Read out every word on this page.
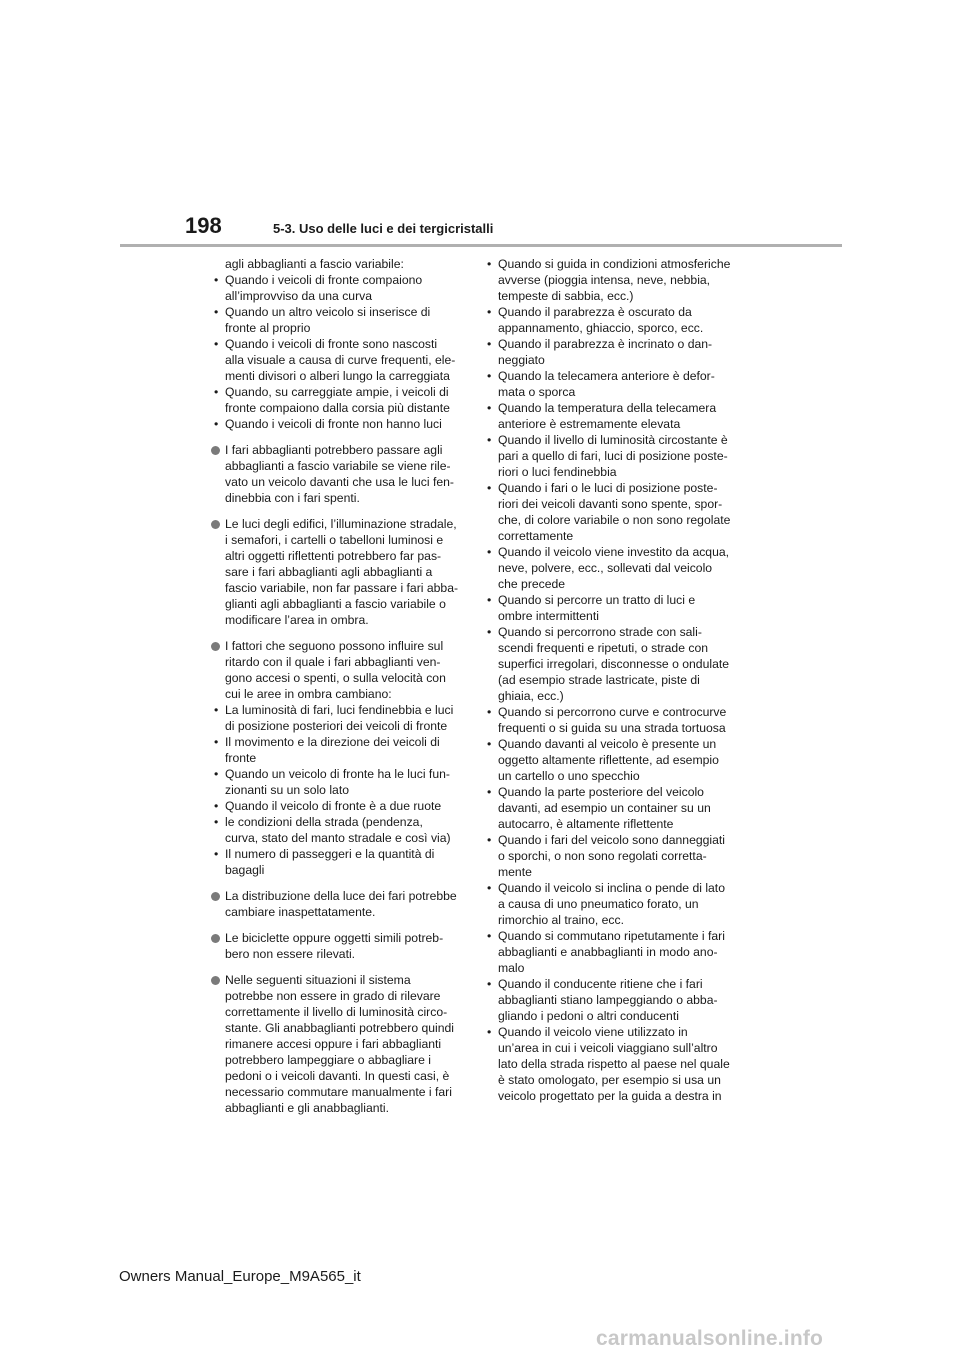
198	5-3. Uso delle luci e dei tergicristalli
agli abbaglianti a fascio variabile:
• Quando i veicoli di fronte compaiono
all’improvviso da una curva
• Quando un altro veicolo si inserisce di
fronte al proprio
• Quando i veicoli di fronte sono nascosti
alla visuale a causa di curve frequenti, ele-
menti divisori o alberi lungo la carreggiata
• Quando, su carreggiate ampie, i veicoli di
fronte compaiono dalla corsia più distante
• Quando i veicoli di fronte non hanno luci
I fari abbaglianti potrebbero passare agli
abbaglianti a fascio variabile se viene rile-
vato un veicolo davanti che usa le luci fen-
dinebbia con i fari spenti.
Le luci degli edifici, l’illuminazione stradale,
i semafori, i cartelli o tabelloni luminosi e
altri oggetti riflettenti potrebbero far pas-
sare i fari abbaglianti agli abbaglianti a
fascio variabile, non far passare i fari abba-
glianti agli abbaglianti a fascio variabile o
modificare l’area in ombra.
I fattori che seguono possono influire sul
ritardo con il quale i fari abbaglianti ven-
gono accesi o spenti, o sulla velocità con
cui le aree in ombra cambiano:
• La luminosità di fari, luci fendinebbia e luci
di posizione posteriori dei veicoli di fronte
• Il movimento e la direzione dei veicoli di
fronte
• Quando un veicolo di fronte ha le luci fun-
zionanti su un solo lato
• Quando il veicolo di fronte è a due ruote
• le condizioni della strada (pendenza,
curva, stato del manto stradale e così via)
• Il numero di passeggeri e la quantità di
bagagli
La distribuzione della luce dei fari potrebbe
cambiare inaspettatamente.
Le biciclette oppure oggetti simili potreb-
bero non essere rilevati.
Nelle seguenti situazioni il sistema
potrebbe non essere in grado di rilevare
correttamente il livello di luminosità circo-
stante. Gli anabbaglianti potrebbero quindi
rimanere accesi oppure i fari abbaglianti
potrebbero lampeggiare o abbagliare i
pedoni o i veicoli davanti. In questi casi, è
necessario commutare manualmente i fari
abbaglianti e gli anabbaglianti.
• Quando si guida in condizioni atmosferiche
avverse (pioggia intensa, neve, nebbia,
tempeste di sabbia, ecc.)
• Quando il parabrezza è oscurato da
appannamento, ghiaccio, sporco, ecc.
• Quando il parabrezza è incrinato o dan-
neggiato
• Quando la telecamera anteriore è defor-
mata o sporca
• Quando la temperatura della telecamera
anteriore è estremamente elevata
• Quando il livello di luminosità circostante è
pari a quello di fari, luci di posizione poste-
riori o luci fendinebbia
• Quando i fari o le luci di posizione poste-
riori dei veicoli davanti sono spente, spor-
che, di colore variabile o non sono regolate
correttamente
• Quando il veicolo viene investito da acqua,
neve, polvere, ecc., sollevati dal veicolo
che precede
• Quando si percorre un tratto di luci e
ombre intermittenti
• Quando si percorrono strade con sali-
scendi frequenti e ripetuti, o strade con
superfici irregolari, disconnesse o ondulate
(ad esempio strade lastricate, piste di
ghiaia, ecc.)
• Quando si percorrono curve e controcurve
frequenti o si guida su una strada tortuosa
• Quando davanti al veicolo è presente un
oggetto altamente riflettente, ad esempio
un cartello o uno specchio
• Quando la parte posteriore del veicolo
davanti, ad esempio un container su un
autocarro, è altamente riflettente
• Quando i fari del veicolo sono danneggiati
o sporchi, o non sono regolati corretta-
mente
• Quando il veicolo si inclina o pende di lato
a causa di uno pneumatico forato, un
rimorchio al traino, ecc.
• Quando si commutano ripetutamente i fari
abbaglianti e anabbaglianti in modo ano-
malo
• Quando il conducente ritiene che i fari
abbaglianti stiano lampeggiando o abba-
gliando i pedoni o altri conducenti
• Quando il veicolo viene utilizzato in
un’area in cui i veicoli viaggiano sull’altro
lato della strada rispetto al paese nel quale
è stato omologato, per esempio si usa un
veicolo progettato per la guida a destra in
Owners Manual_Europe_M9A565_it
carmanualsonline.info
